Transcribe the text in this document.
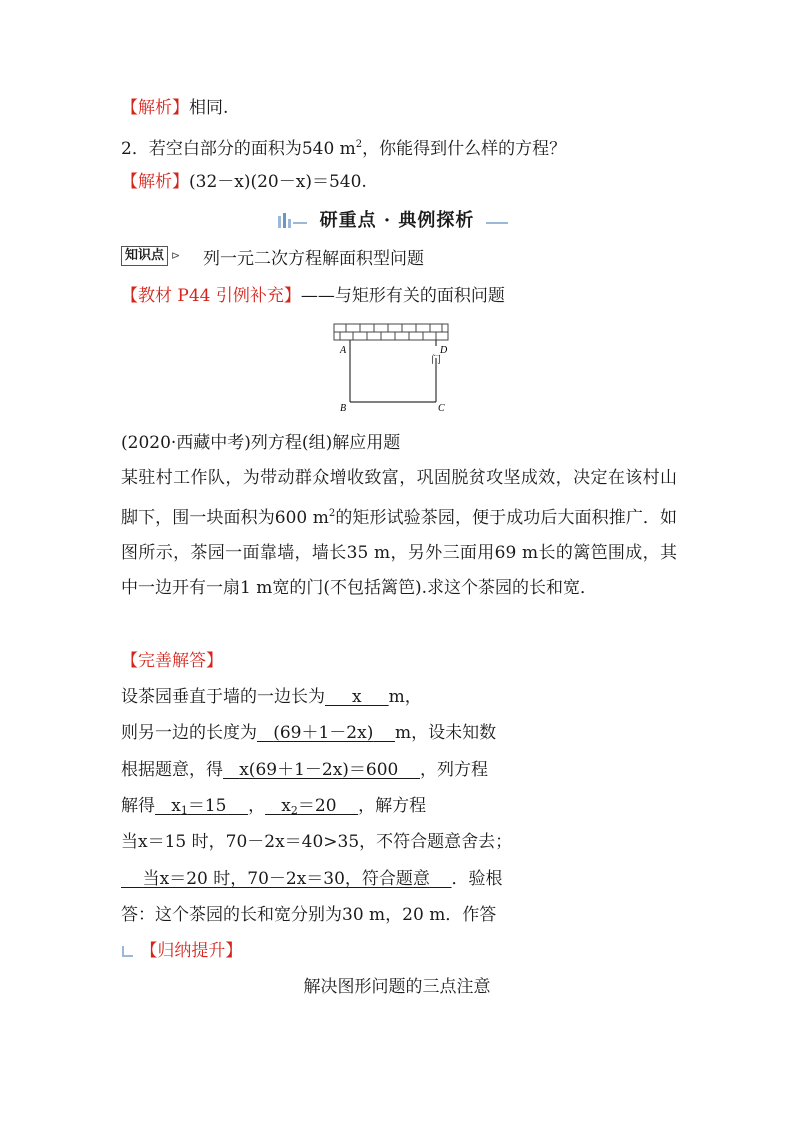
【解析】相同.
2．若空白部分的面积为540 $m^2$，你能得到什么样的方程？
【解析】(32－x)(20－x)＝540.
研重点 · 典例探析
知识点 ⊳ 列一元二次方程解面积型问题
【教材 P44 引例补充】——与矩形有关的面积问题
A	D
门
B	C
(2020·西藏中考)列方程(组)解应用题
某驻村工作队，为带动群众增收致富，巩固脱贫攻坚成效，决定在该村山脚下，围一块面积为600 $m^2$的矩形试验茶园，便于成功后大面积推广．如图所示，茶园一面靠墙，墙长35 m，另外三面用69 m长的篱笆围成，其中一边开有一扇1 m宽的门(不包括篱笆).求这个茶园的长和宽．
【完善解答】
设茶园垂直于墙的一边长为 x m，
则另一边的长度为 (69＋1－2x) m，设未知数
根据题意，得 x(69＋1－2x)＝600 ，列方程
解得 $x_1=15$ ， $x_2=20$ ，解方程
当x＝15 时，70－2x＝40>35，不符合题意舍去；
当x＝20 时，70－2x＝30，符合题意 ．验根
答：这个茶园的长和宽分别为30 m，20 m．作答
【归纳提升】
解决图形问题的三点注意
